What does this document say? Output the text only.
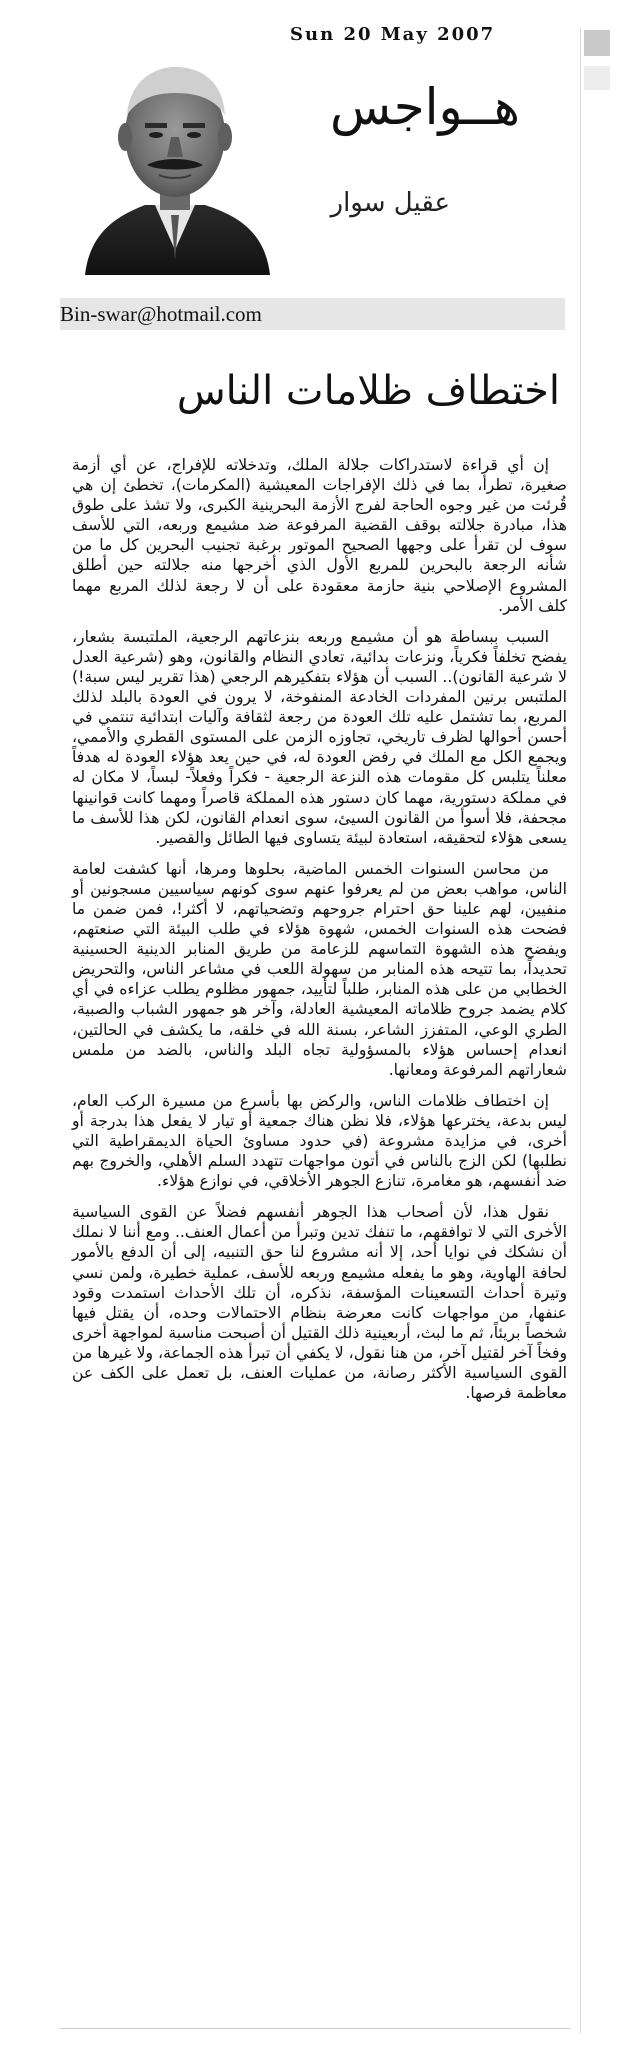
Sun 20 May 2007
هــواجس
عقيل سوار
Bin-swar@hotmail.com
اختطاف ظلامات الناس

إن أي قراءة لاستدراكات جلالة الملك، وتدخلاته للإفراج، عن أي أزمة صغيرة، تطرأ، بما في ذلك الإفراجات المعيشية (المكرمات)، تخطئ إن هي قُرئت من غير وجوه الحاجة لفرج الأزمة البحرينية الكبرى، ولا تشذ على طوق هذا، مبادرة جلالته بوقف القضية المرفوعة ضد مشيمع وربعه، التي للأسف سوف لن تقرأ على وجهها الصحيح الموتور برغبة تجنيب البحرين كل ما من شأنه الرجعة بالبحرين للمربع الأول الذي أخرجها منه جلالته حين أطلق المشروع الإصلاحي بنية حازمة معقودة على أن لا رجعة لذلك المربع مهما كلف الأمر.

السبب ببساطة هو أن مشيمع وربعه بنزعاتهم الرجعية، الملتبسة بشعار، يفضح تخلفاً فكرياً، ونزعات بدائية، تعادي النظام والقانون، وهو (شرعية العدل لا شرعية القانون).. السبب أن هؤلاء بتفكيرهم الرجعي (هذا تقرير ليس سبة!) الملتبس برنين المفردات الخادعة المنفوخة، لا يرون في العودة بالبلد لذلك المربع، بما تشتمل عليه تلك العودة من رجعة لثقافة وآليات ابتدائية تنتمي في أحسن أحوالها لظرف تاريخي، تجاوزه الزمن على المستوى القطري والأممي، ويجمع الكل مع الملك في رفض العودة له، في حين يعد هؤلاء العودة له هدفاً معلناً يتلبس كل مقومات هذه النزعة الرجعية - فكراً وفعلاً- لبساً، لا مكان له في مملكة دستورية، مهما كان دستور هذه المملكة قاصراً ومهما كانت قوانينها مجحفة، فلا أسوأ من القانون السيئ، سوى انعدام القانون، لكن هذا للأسف ما يسعى هؤلاء لتحقيقه، استعادة لبيئة يتساوى فيها الطائل والقصير.

من محاسن السنوات الخمس الماضية، بحلوها ومرها، أنها كشفت لعامة الناس، مواهب بعض من لم يعرفوا عنهم سوى كونهم سياسيين مسجونين أو منفيين، لهم علينا حق احترام جروحهم وتضحياتهم، لا أكثر!، فمن ضمن ما فضحت هذه السنوات الخمس، شهوة هؤلاء في طلب البيئة التي صنعتهم، ويفضح هذه الشهوة التماسهم للزعامة من طريق المنابر الدينية الحسينية تحديداً، بما تتيحه هذه المنابر من سهولة اللعب في مشاعر الناس، والتحريض الخطابي من على هذه المنابر، طلباً لتأييد، جمهور مظلوم يطلب عزاءه في أي كلام يضمد جروح ظلاماته المعيشية العادلة، وآخر هو جمهور الشباب والصبية، الطري الوعي، المتفزز الشاعر، بسنة الله في خلقه، ما يكشف في الحالتين، انعدام إحساس هؤلاء بالمسؤولية تجاه البلد والناس، بالضد من ملمس شعاراتهم المرفوعة ومعانها.

إن اختطاف ظلامات الناس، والركض بها بأسرع من مسيرة الركب العام، ليس بدعة، يخترعها هؤلاء، فلا نظن هناك جمعية أو تيار لا يفعل هذا بدرجة أو أخرى، في مزايدة مشروعة (في حدود مساوئ الحياة الديمقراطية التي نطلبها) لكن الزج بالناس في أتون مواجهات تتهدد السلم الأهلي، والخروج بهم ضد أنفسهم، هو مغامرة، تنازع الجوهر الأخلاقي، في نوازع هؤلاء.

نقول هذا، لأن أصحاب هذا الجوهر أنفسهم فضلاً عن القوى السياسية الأخرى التي لا توافقهم، ما تنفك تدين وتبرأ من أعمال العنف.. ومع أننا لا نملك أن نشكك في نوايا أحد، إلا أنه مشروع لنا حق التنبيه، إلى أن الدفع بالأمور لحافة الهاوية، وهو ما يفعله مشيمع وربعه للأسف، عملية خطيرة، ولمن نسي وتيرة أحداث التسعينات المؤسفة، نذكره، أن تلك الأحداث استمدت وقود عنفها، من مواجهات كانت معرضة بنظام الاحتمالات وحده، أن يقتل فيها شخصاً بريئاً، ثم ما لبث، أربعينية ذلك القتيل أن أصبحت مناسبة لمواجهة أخرى وفخاً آخر لقتيل آخر، من هنا نقول، لا يكفي أن تبرأ هذه الجماعة، ولا غيرها من القوى السياسية الأكثر رصانة، من عمليات العنف، بل تعمل على الكف عن معاظمة فرصها.
